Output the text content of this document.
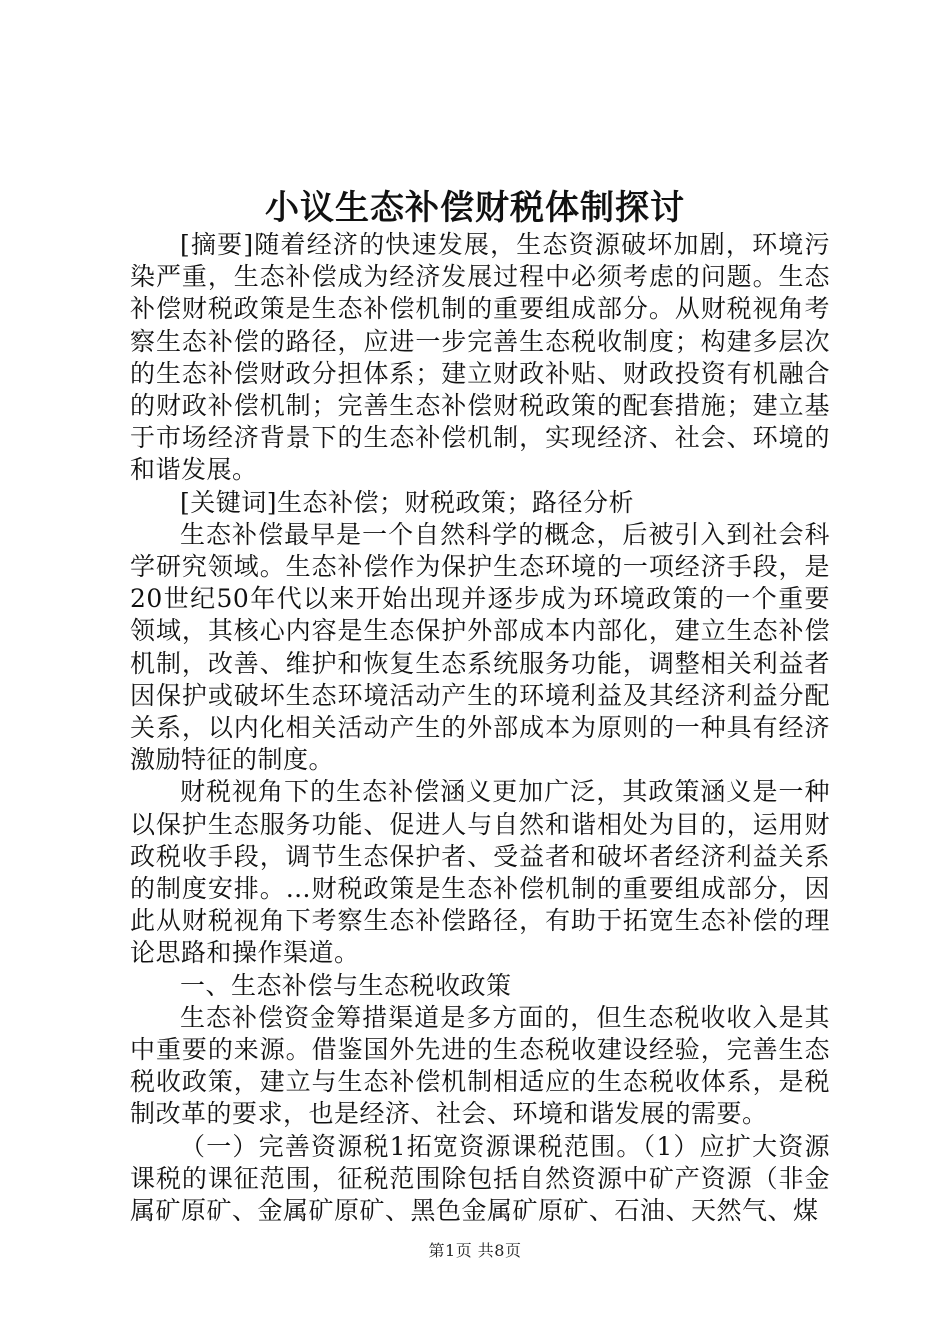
小议生态补偿财税体制探讨

[摘要]随着经济的快速发展，生态资源破坏加剧，环境污染严重，生态补偿成为经济发展过程中必须考虑的问题。生态补偿财税政策是生态补偿机制的重要组成部分。从财税视角考察生态补偿的路径，应进一步完善生态税收制度；构建多层次的生态补偿财政分担体系；建立财政补贴、财政投资有机融合的财政补偿机制；完善生态补偿财税政策的配套措施；建立基于市场经济背景下的生态补偿机制，实现经济、社会、环境的和谐发展。

[关键词]生态补偿；财税政策；路径分析

生态补偿最早是一个自然科学的概念，后被引入到社会科学研究领域。生态补偿作为保护生态环境的一项经济手段，是20世纪50年代以来开始出现并逐步成为环境政策的一个重要领域，其核心内容是生态保护外部成本内部化，建立生态补偿机制，改善、维护和恢复生态系统服务功能，调整相关利益者因保护或破坏生态环境活动产生的环境利益及其经济利益分配关系，以内化相关活动产生的外部成本为原则的一种具有经济激励特征的制度。

财税视角下的生态补偿涵义更加广泛，其政策涵义是一种以保护生态服务功能、促进人与自然和谐相处为目的，运用财政税收手段，调节生态保护者、受益者和破坏者经济利益关系的制度安排。…财税政策是生态补偿机制的重要组成部分，因此从财税视角下考察生态补偿路径，有助于拓宽生态补偿的理论思路和操作渠道。

一、生态补偿与生态税收政策

生态补偿资金筹措渠道是多方面的，但生态税收收入是其中重要的来源。借鉴国外先进的生态税收建设经验，完善生态税收政策，建立与生态补偿机制相适应的生态税收体系，是税制改革的要求，也是经济、社会、环境和谐发展的需要。

（一）完善资源税1拓宽资源课税范围。（1）应扩大资源课税的课征范围，征税范围除包括自然资源中矿产资源（非金属矿原矿、金属矿原矿、黑色金属矿原矿、石油、天然气、煤

第1页 共8页
